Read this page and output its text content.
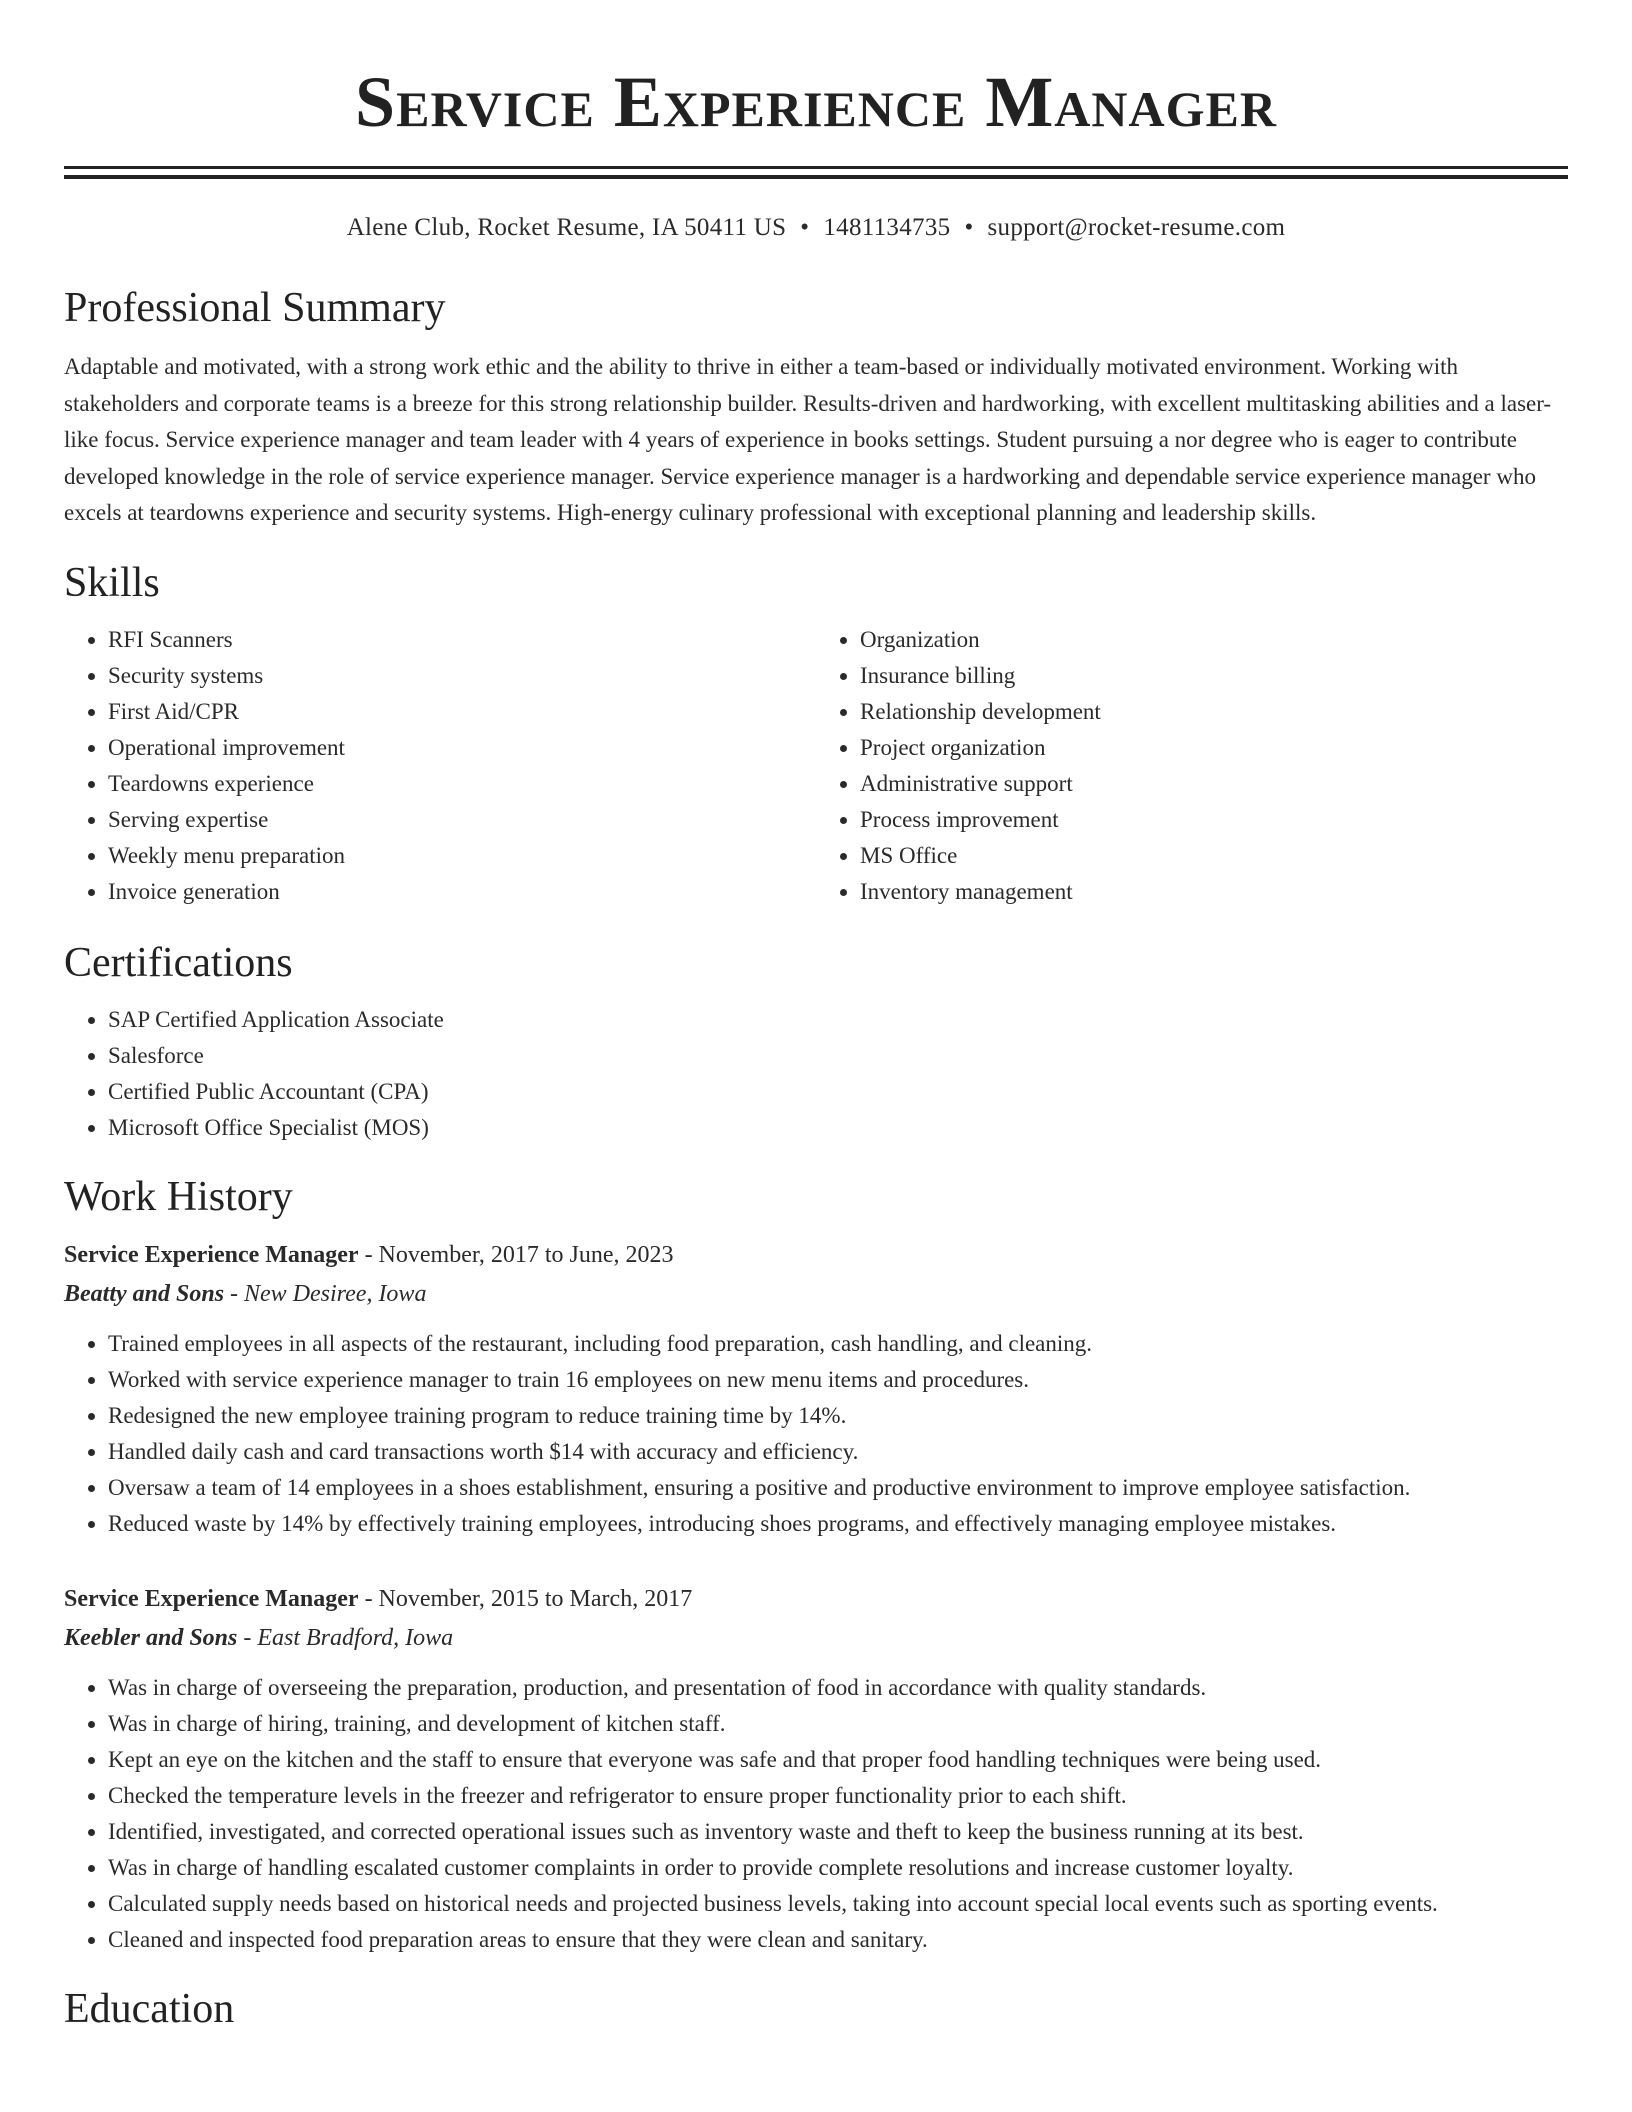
Service Experience Manager
Alene Club, Rocket Resume, IA 50411 US • 1481134735 • support@rocket-resume.com
Professional Summary

Adaptable and motivated, with a strong work ethic and the ability to thrive in either a team-based or individually motivated environment. Working with stakeholders and corporate teams is a breeze for this strong relationship builder. Results-driven and hardworking, with excellent multitasking abilities and a laser-like focus. Service experience manager and team leader with 4 years of experience in books settings. Student pursuing a nor degree who is eager to contribute developed knowledge in the role of service experience manager. Service experience manager is a hardworking and dependable service experience manager who excels at teardowns experience and security systems. High-energy culinary professional with exceptional planning and leadership skills.

Skills
• RFI Scanners
• Security systems
• First Aid/CPR
• Operational improvement
• Teardowns experience
• Serving expertise
• Weekly menu preparation
• Invoice generation
• Organization
• Insurance billing
• Relationship development
• Project organization
• Administrative support
• Process improvement
• MS Office
• Inventory management
Certifications
• SAP Certified Application Associate
• Salesforce
• Certified Public Accountant (CPA)
• Microsoft Office Specialist (MOS)
Work History
Service Experience Manager - November, 2017 to June, 2023
Beatty and Sons - New Desiree, Iowa
• Trained employees in all aspects of the restaurant, including food preparation, cash handling, and cleaning.
• Worked with service experience manager to train 16 employees on new menu items and procedures.
• Redesigned the new employee training program to reduce training time by 14%.
• Handled daily cash and card transactions worth $14 with accuracy and efficiency.
• Oversaw a team of 14 employees in a shoes establishment, ensuring a positive and productive environment to improve employee satisfaction.
• Reduced waste by 14% by effectively training employees, introducing shoes programs, and effectively managing employee mistakes.
Service Experience Manager - November, 2015 to March, 2017
Keebler and Sons - East Bradford, Iowa
• Was in charge of overseeing the preparation, production, and presentation of food in accordance with quality standards.
• Was in charge of hiring, training, and development of kitchen staff.
• Kept an eye on the kitchen and the staff to ensure that everyone was safe and that proper food handling techniques were being used.
• Checked the temperature levels in the freezer and refrigerator to ensure proper functionality prior to each shift.
• Identified, investigated, and corrected operational issues such as inventory waste and theft to keep the business running at its best.
• Was in charge of handling escalated customer complaints in order to provide complete resolutions and increase customer loyalty.
• Calculated supply needs based on historical needs and projected business levels, taking into account special local events such as sporting events.
• Cleaned and inspected food preparation areas to ensure that they were clean and sanitary.
Education
